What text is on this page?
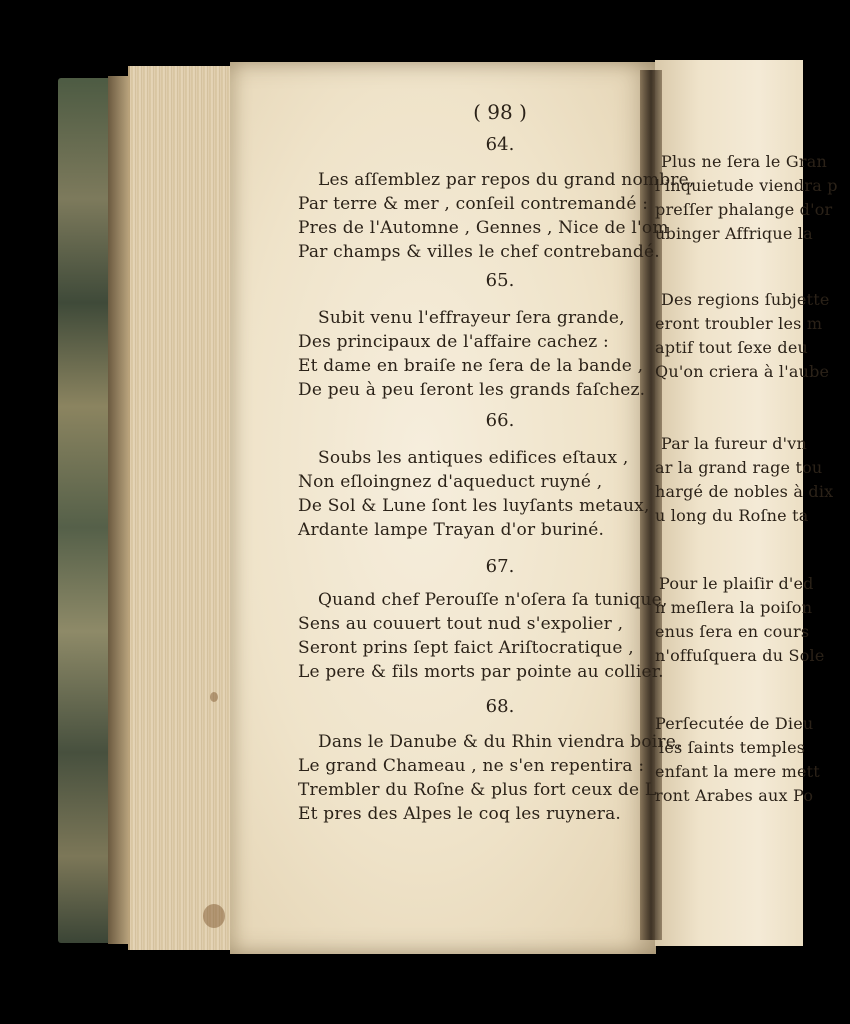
( 98 )
64.
Les aſſemblez par repos du grand nombre,
Par terre & mer , conſeil contremandé :
Pres de l'Automne , Gennes , Nice de l'om
Par champs & villes le chef contrebandé.
65.
Subit venu l'effrayeur ſera grande,
Des principaux de l'affaire cachez :
Et dame en braiſe ne ſera de la bande ,
De peu à peu ſeront les grands faſchez.
66.
Soubs les antiques edifices eſtaux ,
Non eſloingnez d'aqueduct ruyné ,
De Sol & Lune ſont les luyſants metaux,
Ardante lampe Trayan d'or buriné.
67.
Quand chef Perouſſe n'oſera ſa tunique,
Sens au couuert tout nud s'expolier ,
Seront prins ſept faict Ariſtocratique ,
Le pere & fils morts par pointe au collier.
68.
Dans le Danube & du Rhin viendra boire,
Le grand Chameau , ne s'en repentira :
Trembler du Roſne & plus fort ceux de L
Et pres des Alpes le coq les ruynera.
Plus ne ſera le Gran
l'inquietude viendra p
preſſer phalange d'or
ubinger Affrique la
Des regions ſubjette
eront troubler les m
aptif tout ſexe deu
Qu'on criera à l'aube
Par la fureur d'vn
ar la grand rage tou
hargé de nobles à dix
u long du Roſne ta
Pour le plaiſir d'ed
n meſlera la poiſon
enus ſera en cours
n'offuſquera du Sole
Perſecutée de Dieu
les ſaints temples
enfant la mere mett
ront Arabes aux Po
